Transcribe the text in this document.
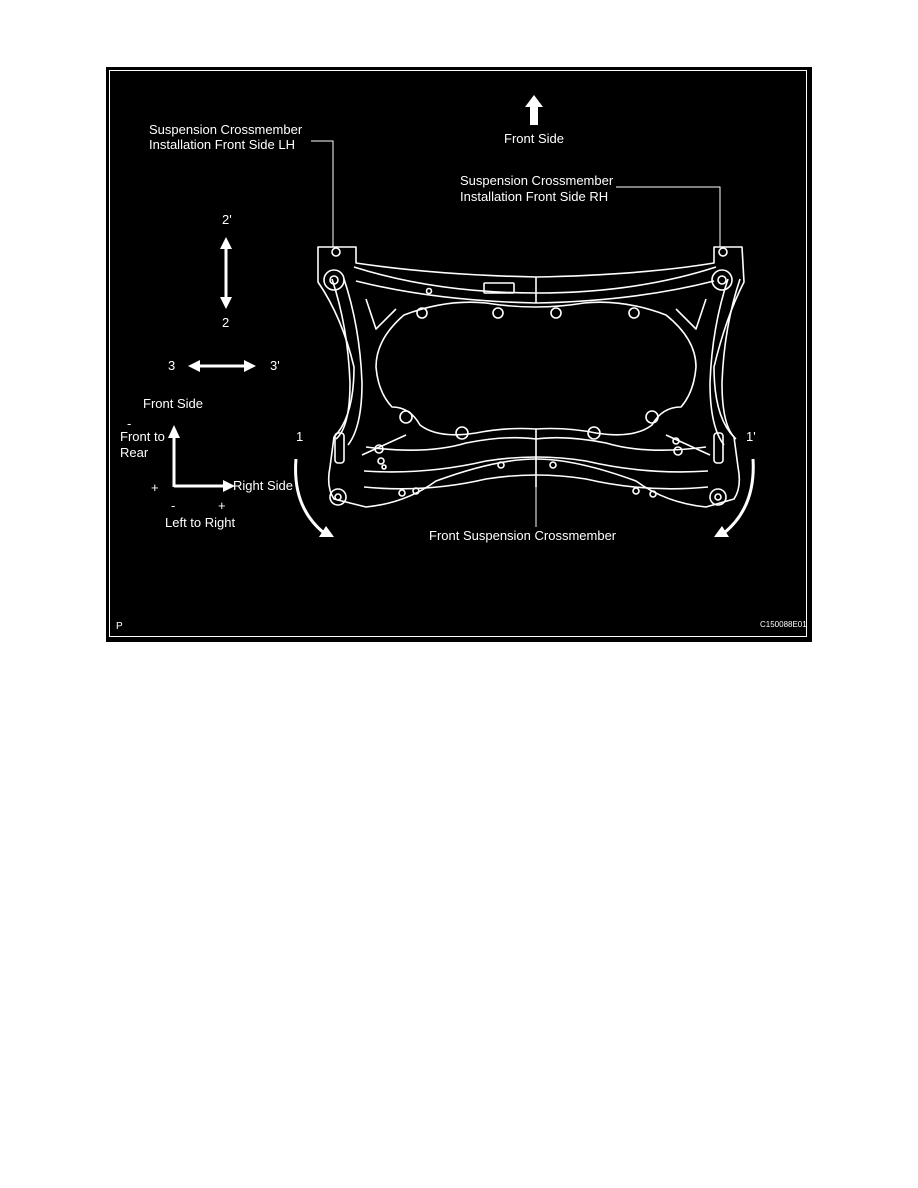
Front Side
Suspension Crossmember
Installation Front Side LH
Suspension Crossmember
Installation Front Side RH
2'
2
3	3'
Front Side
-
Front to
Rear
+	Right Side
-	+
Left to Right
1	1'
Front Suspension Crossmember
P	C150088E01
